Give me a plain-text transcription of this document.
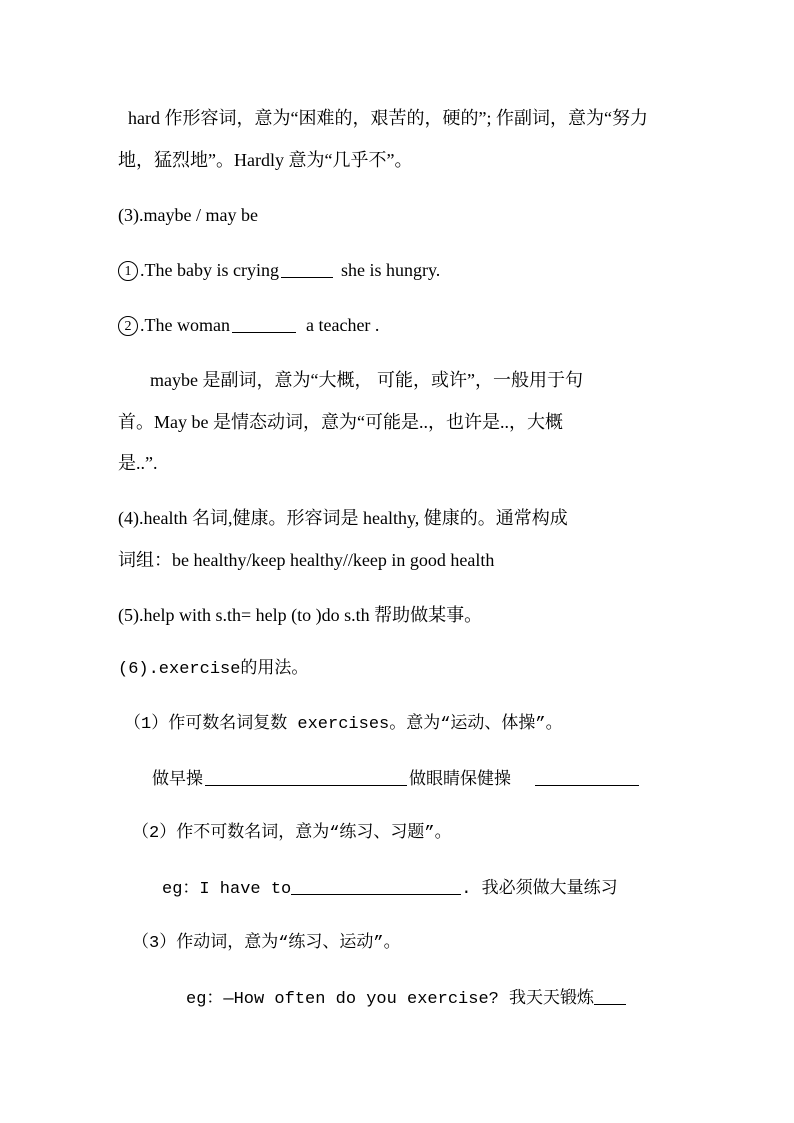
hard 作形容词，意为“困难的，艰苦的，硬的”; 作副词，意为“努力
地，猛烈地”。Hardly 意为“几乎不”。
(3).maybe / may be
1 .The baby is crying	she is hungry.
2 .The woman	a teacher .
maybe 是副词，意为“大概， 可能，或许”，一般用于句
首。May be 是情态动词，意为“可能是..，也许是..，大概
是..”.
(4).health 名词,健康。形容词是 healthy, 健康的。通常构成
词组：be healthy/keep healthy//keep in good health
(5).help with s.th= help (to )do s.th 帮助做某事。
(6).exercise的用法。
（1）作可数名词复数 exercises。意为“运动、体操”。
做早操	做眼睛保健操
（2）作不可数名词，意为“练习、习题”。
eg：I have to	. 我必须做大量练习
（3）作动词，意为“练习、运动”。
eg：—How often do you exercise? 我天天锻炼
